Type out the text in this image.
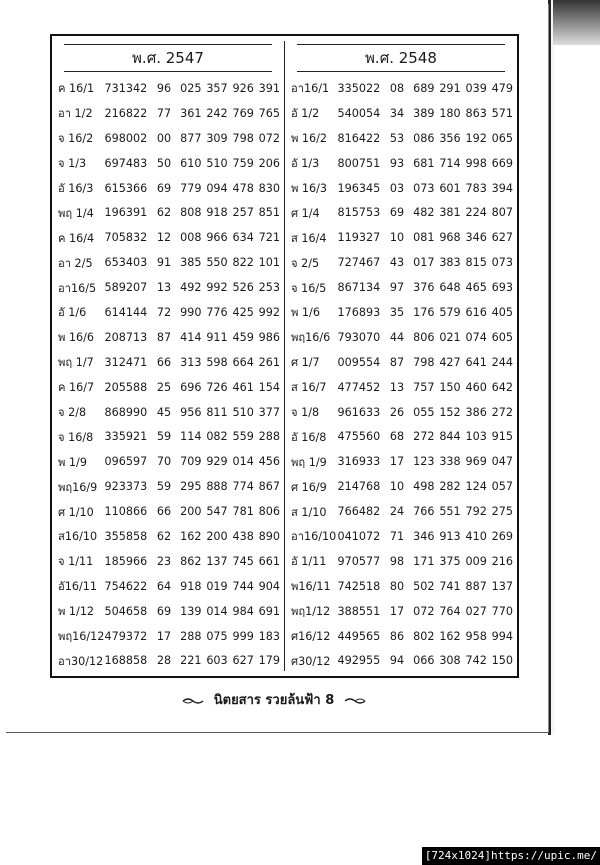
พ.ศ. 2547
ค 16/1 731342 96 025 357 926 391
อา 1/2	216822 77 361 242 769 765
จ 16/2	698002 00 877 309 798 072
จ 1/3	697483 50 610 510 759 206
อั 16/3 615366 69 779 094 478 830
พฤ 1/4 196391 62 808 918 257 851
ค 16/4 705832 12 008 966 634 721
อา 2/5	653403 91 385 550 822 101
อา16/5 589207 13 492 992 526 253
อั 1/6	614144 72 990 776 425 992
พ 16/6 208713 87 414 911 459 986
พฤ 1/7 312471 66 313 598 664 261
ค 16/7 205588 25 696 726 461 154
จ 2/8	868990 45 956 811 510 377
จ 16/8	335921 59 114 082 559 288
พ 1/9	096597 70 709 929 014 456
พฤ16/9 923373 59 295 888 774 867
ศ 1/10 110866 66 200 547 781 806
ส16/10 355858 62 162 200 438 890
จ 1/11	185966 23 862 137 745 661
อั16/11 754622 64 918 019 744 904
พ 1/12 504658 69 139 014 984 691
พฤ16/12 479372 17 288 075 999 183
อา30/12 168858 28 221 603 627 179
พ.ศ. 2548
อา16/1 335022 08 689 291 039 479
อั 1/2	540054 34 389 180 863 571
พ 16/2 816422 53 086 356 192 065
อั 1/3	800751 93 681 714 998 669
พ 16/3 196345 03 073 601 783 394
ศ 1/4	815753 69 482 381 224 807
ส 16/4 119327 10 081 968 346 627
จ 2/5	727467 43 017 383 815 073
จ 16/5	867134 97 376 648 465 693
พ 1/6	176893 35 176 579 616 405
พฤ16/6 793070 44 806 021 074 605
ศ 1/7	009554 87 798 427 641 244
ส 16/7 477452 13 757 150 460 642
จ 1/8	961633 26 055 152 386 272
อั 16/8 475560 68 272 844 103 915
พฤ 1/9 316933 17 123 338 969 047
ศ 16/9 214768 10 498 282 124 057
ส 1/10 766482 24 766 551 792 275
อา16/10 041072 71 346 913 410 269
อั 1/11 970577 98 171 375 009 216
พ16/11 742518 80 502 741 887 137
พฤ1/12 388551 17 072 764 027 770
ศ16/12 449565 86 802 162 958 994
ศ30/12 492955 94 066 308 742 150
นิตยสาร รวยล้นฟ้า 8
[724x1024]https://upic.me/
